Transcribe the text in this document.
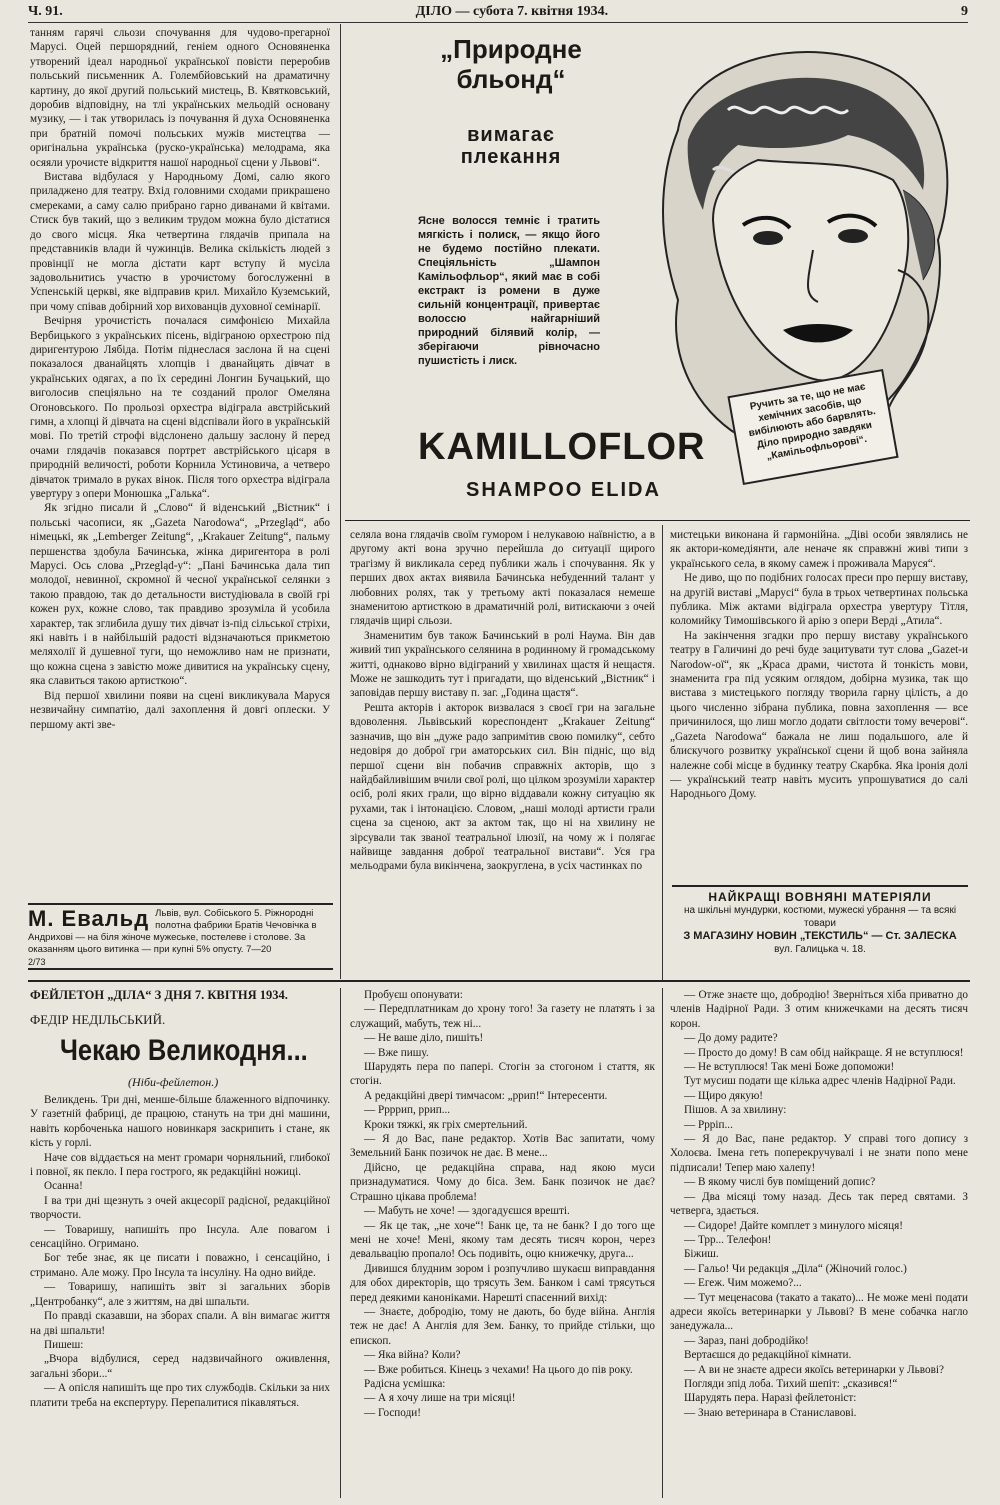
Ч. 91.	ДІЛО — субота 7. квітня 1934.	9

танням гарячі сльози спочування для чудово-прегарної Марусі. Оцей першорядний, геніем одного Основяненка утворений ідеал народньої української повісти переробив польський письменник А. Голембйовський на драматичну картину, до якої другий польський мистець, В. Квятковський, доробив відповідну, на тлі українських мельодій основану музику, — і так утворилась із почування й духа Основяненка при братній помочі польських мужів мистецтва — оригінальна українська (руско-українська) мелодрама, яка осяяли урочисте відкриття нашої народньої сцени у Львові“.

Вистава відбулася у Народньому Домі, салю якого приладжено для театру. Вхід головними сходами прикрашено смереками, а саму салю прибрано гарно диванами й квітами. Стиск був такий, що з великим трудом можна було дістатися до свого місця. Яка четвертина глядачів припала на представників влади й чужинців. Велика скількість людей з провінції не могла дістати карт вступу й мусіла задовольнитись участю в урочистому богослуженні в Успенській церкві, яке відправив крил. Михайло Куземський, при чому співав добірний хор вихованців духовної семінарії.

Вечірня урочистість почалася симфонією Михайла Вербицького з українських пісень, відіграною орхестрою під диригентурою Лябіда. Потім піднеслася заслона й на сцені показалося дванайцять хлопців і дванайцять дівчат в українських одягах, а по їх середині Лонгин Бучацький, що виголосив спеціяльно на те созданий пролог Омеляна Огоновського. По прольозі орхестра відіграла австрійський гимн, а хлопці й дівчата на сцені відспівали його в українській мові. По третій строфі відслонено дальшу заслону й перед очами глядачів показався портрет австрійського цісаря в природній величості, роботи Корнила Устиновича, а четверо дівчаток тримало в руках вінок. Після того орхестра відіграла увертуру з опери Монюшка „Галька“.

Як згідно писали й „Слово“ й віденський „Вістник“ і польські часописи, як „Gazeta Narodowa“, „Przegląd“, або німецькі, як „Lemberger Zeitung“, „Krakauer Zeitung“, пальму першенства здобула Бачинська, жінка диригентора в ролі Марусі. Ось слова „Przegląd-у“: „Пані Бачинська дала тип молодої, невинної, скромної й чесної української селянки з такою правдою, так до детальности вистудіювала в своїй грі кожен рух, кожне слово, так правдиво зрозуміла й усобила характер, так зглибила душу тих дівчат із-під сільської стріхи, які навіть і в найбільшій радості відзначаються прикметою меляхолії й душевної туги, що неможливо нам не признати, що кожна сцена з завістю може дивитися на українську сцену, яка славиться такою артисткою“.

Від першої хвилини появи на сцені викликувала Маруся незвичайну симпатію, далі захоплення й довгі оплески. У першому акті зве-

„Природне бльонд“
вимагає плекання
Ясне волосся темніє і тратить мягкість і полиск, — якщо його не будемо постійно плекати. Спеціяльність „Шампон Камільофльор“, який має в собі екстракт із ромени в дуже сильній концентрації, привертає волоссю найгарніший природний білявий колір, — зберігаючи рівночасно пушистість і лиск.
Ручить за те, що не має хемічних засобів, що вибілюють або барвлять. Діло природно завдяки „Камільофльорові“.
KAMILLOFLOR
SHAMPOO ELIDA

селяла вона глядачів своїм гумором і нелукавою наївністю, а в другому акті вона зручно перейшла до ситуації щирого трагізму й викликала серед публики жаль і спочування. Як у перших двох актах виявила Бачинська небуденний талант у любовних ролях, так у третьому акті показалася немеше знаменитою артисткою в драматичній ролі, витискаючи з очей глядачів щирі сльози.

Знаменитим був також Бачинський в ролі Наума. Він дав живий тип українського селянина в родинному й громадському житті, однаково вірно відіграний у хвилинах щастя й нещастя. Може не зашкодить тут і пригадати, що віденський „Вістник“ і заповідав першу виставу п. заг. „Година щастя“.

Решта акторів і акторок визвалася з своєї гри на загальне вдоволення. Львівський кореспондент „Krakauer Zeitung“ зазначив, що він „дуже радо запримітив свою помилку“, себто недовіря до доброї гри аматорських сил. Він підніс, що від першої сцени він побачив справжніх акторів, що з найдбайливішим вчили свої ролі, що цілком зрозуміли характер осіб, ролі яких грали, що вірно віддавали кожну ситуацію як рухами, так і інтонацією. Словом, „наші молоді артисти грали сцена за сценою, акт за актом так, що ні на хвилину не зірсували так званої театральної ілюзії, на чому ж і полягає найвище завдання доброї театральної вистави“. Уся гра мельодрами була викінчена, заокруглена, в усіх частинках по

мистецьки виконана й гармонійна. „Діві особи зявлялись не як актори-комедіянти, але неначе як справжні живі типи з українського села, в якому самеж і проживала Маруся“.

Не диво, що по подібних голосах преси про першу виставу, на другій виставі „Марусі“ була в трьох четвертинах польська публика. Між актами відіграла орхестра увертуру Тітля, коломийку Тимошівського й арію з опери Верді „Атила“.

На закінчення згадки про першу виставу українського театру в Галичині до речі буде зацитувати тут слова „Gazet-и Narodow-ої“, як „Краса драми, чистота й тонкість мови, знаменита гра під усяким оглядом, добірна музика, так що вистава з мистецького погляду творила гарну цілість, а до цього численно зібрана публика, повна захоплення — все причинилося, що лиш могло додати світлости тому вечерові“. „Gazeta Narodowa“ бажала не лиш подальшого, але й блискучого розвитку української сцени й щоб вона зайняла належне собі місце в будинку театру Скарбка. Яка іронія долі — український театр навіть мусить упрошуватися до салі Народнього Дому.

М. Евальд Львів, вул. Собіського 5. Ріжнородні полотна фабрики Братів Чечовічка в Андрихові — на біля жіноче мужеське, постелеве і столове. За оказанням цього витинка — при купні 5% опусту. 7—20
2/73
НАЙКРАЩІ ВОВНЯНІ МАТЕРІЯЛИ
на шкільні мундурки, костюми, мужескі убрання — та всякі товари
З МАГАЗИНУ НОВИН „ТЕКСТИЛЬ“ — Ст. ЗАЛЕСКА
вул. Галицька ч. 18.
ФЕЙЛЕТОН „ДІЛА“ З ДНЯ 7. КВІТНЯ 1934.
ФЕДІР НЕДІЛЬСЬКИЙ.
Чекаю Великодня...
(Ніби-фейлетон.)

Великдень. Три дні, менше-більше блаженного відпочинку. У газетній фабриці, де працюю, стануть на три дні машини, навіть корбоченька нашого новинкаря заскрипить і стане, як кість у горлі.

Наче сов віддається на мент громари чорняльний, глибокої і повної, як пекло. І пера гострого, як редакційні ножиці.

Осанна!

І ва три дні щезнуть з очей акцесорії радісної, редакційної творчости.

— Товаришу, напишіть про Інсула. Але повагом і сенсаційно. Огримано.

Бог тебе знає, як це писати і поважно, і сенсаційно, і стримано. Але можу. Про Інсула та інсуліну. На одно вийде.

— Товаришу, напишіть звіт зі загальних зборів „Центробанку“, але з життям, на дві шпальти.

По правді сказавши, на зборах спали. А він вимагає життя на дві шпальти!

Пишеш:

„Вчора відбулися, серед надзвичайного оживлення, загальні збори...“

— А опісля напишіть ще про тих службодів. Скільки за них платити треба на експертуру. Перепалитися пікавляться.

Пробуєш опонувати:

— Передплатникам до хрону того! За газету не платять і за служащий, мабуть, теж ні...

— Не ваше діло, пишіть!

— Вже пишу.

Шарудять пера по папері. Стогін за стогоном і стаття, як стогін.

А редакційні двері тимчасом: „ррип!“ Інтересенти.

— Ррррип, ррип...

Кроки тяжкі, як гріх смертельний.

— Я до Вас, пане редактор. Хотів Вас запитати, чому Земельний Банк позичок не дає. В мене...

Дійсно, це редакційна справа, над якою муси признадуматися. Чому до біса. Зем. Банк позичок не дає? Страшно цікава проблема!

— Мабуть не хоче! — здогадуєшся врешті.

— Як це так, „не хоче“! Банк це, та не банк? І до того ще мені не хоче! Мені, якому там десять тисяч корон, через девальвацію пропало! Ось подивіть, оцю книжечку, друга...

Дивишся блудним зором і розпучливо шукаєш виправдання для обох директорів, що трясуть Зем. Банком і самі трясуться перед деякими каноніками. Нарешті спасенний вихід:

— Знаєте, добродію, тому не дають, бо буде війна. Англія теж не дає! А Англія для Зем. Банку, то прийде стільки, що епископ.

— Яка війна? Коли?

— Вже робиться. Кінець з чехами! На цього до пів року.

Радісна усмішка:

— А я хочу лише на три місяці!

— Господи!

— Отже знаєте що, добродію! Зверніться хіба приватно до членів Надірної Ради. З отим книжечками на десять тисяч корон.

— До дому радите?

— Просто до дому! В сам обід найкраще. Я не вступлюся!

— Не вступлюся! Так мені Боже допоможи!

Тут мусиш подати ще кілька адрес членів Надірної Ради.

— Щиро дякую!

Пішов. А за хвилину:

— Ррріп...

— Я до Вас, пане редактор. У справі того допису з Холоєва. Імена геть поперекручувалі і не знати попо мене підписали! Тепер маю халепу!

— В якому числі був поміщений допис?

— Два місяці тому назад. Десь так перед святами. З четверга, здається.

— Сидоре! Дайте комплет з минулого місяця!

— Трр... Телефон!

Біжиш.

— Гальо! Чи редакція „Діла“ (Жіночий голос.)

— Егеж. Чим можемо?...

— Тут меценасова (такато а такато)... Не може мені подати адреси якоїсь ветеринарки у Львові? В мене собачка нагло занедужала...

— Зараз, пані добродійко!

Вертаєшся до редакційної кімнати.

— А ви не знаєте адреси якоїсь ветеринарки у Львові?

Погляди зпід лоба. Тихий шепіт: „сказився!“

Шарудять пера. Наразі фейлетоніст:

— Знаю ветеринара в Станиславові.
